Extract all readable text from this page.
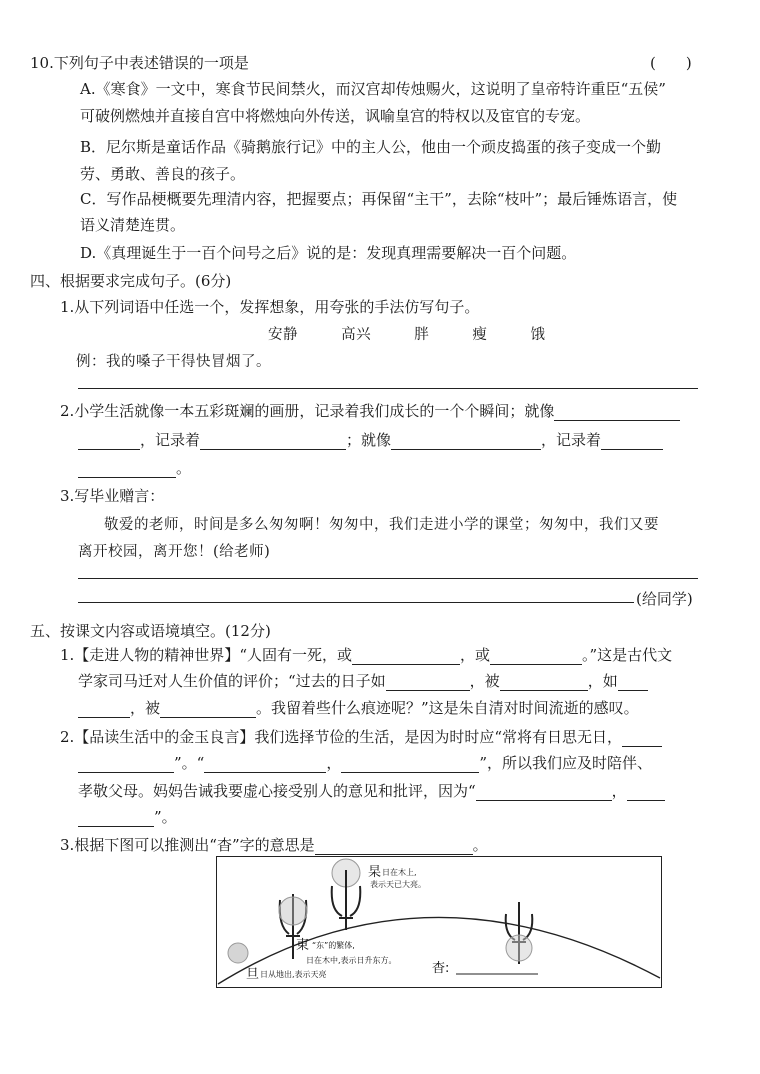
10.下列句子中表述错误的一项是	(　　)
A.《寒食》一文中，寒食节民间禁火，而汉宫却传烛赐火，这说明了皇帝特许重臣“五侯”
可破例燃烛并直接自宫中将燃烛向外传送，讽喻皇宫的特权以及宦官的专宠。
B．尼尔斯是童话作品《骑鹅旅行记》中的主人公，他由一个顽皮捣蛋的孩子变成一个勤
劳、勇敢、善良的孩子。
C．写作品梗概要先理清内容，把握要点；再保留“主干”，去除“枝叶”；最后锤炼语言，使
语义清楚连贯。
D.《真理诞生于一百个问号之后》说的是：发现真理需要解决一百个问题。
四、根据要求完成句子。(6分)
1.从下列词语中任选一个，发挥想象，用夸张的手法仿写句子。
安静	高兴	胖	瘦	饿
例：我的嗓子干得快冒烟了。
2.小学生活就像一本五彩斑斓的画册，记录着我们成长的一个个瞬间；就像
，记录着	；就像	，记录着
。
3.写毕业赠言：
敬爱的老师，时间是多么匆匆啊！匆匆中，我们走进小学的课堂；匆匆中，我们又要
离开校园，离开您！(给老师)
(给同学)
五、按课文内容或语境填空。(12分)
1.【走进人物的精神世界】“人固有一死，或	，或	。”这是古代文
学家司马迁对人生价值的评价；“过去的日子如	，被	，如
，被	。我留着些什么痕迹呢？”这是朱自清对时间流逝的感叹。
2.【品读生活中的金玉良言】我们选择节俭的生活，是因为时时应“常将有日思无日，
”。“	，	”，所以我们应及时陪伴、
孝敬父母。妈妈告诫我要虚心接受别人的意见和批评，因为“	，
”。
3.根据下图可以推测出“杳”字的意思是	。
杲 日在木上,
表示天已大亮。
東 “东”的繁体,
日在木中,表示日升东方。
旦 日从地出,表示天亮	杳:
